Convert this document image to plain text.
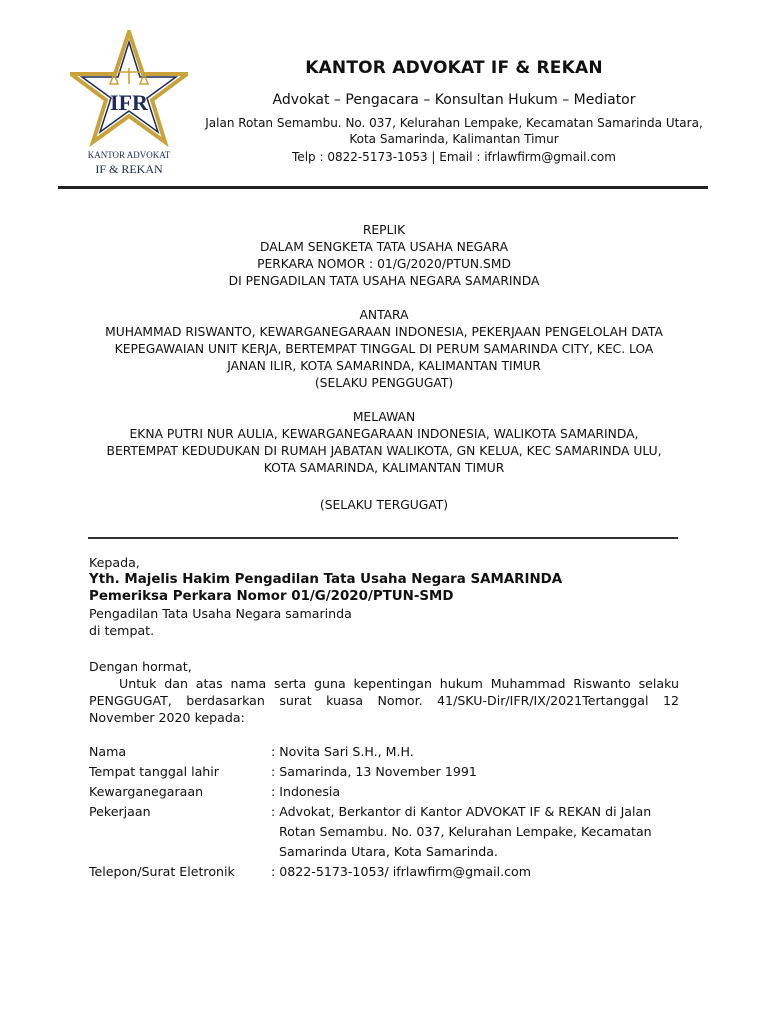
IFR
KANTOR ADVOKAT
IF & REKAN
KANTOR ADVOKAT IF & REKAN
Advokat – Pengacara – Konsultan Hukum – Mediator
Jalan Rotan Semambu. No. 037, Kelurahan Lempake, Kecamatan Samarinda Utara,
Kota Samarinda, Kalimantan Timur
Telp : 0822-5173-1053 | Email : ifrlawfirm@gmail.com
REPLIK
DALAM SENGKETA TATA USAHA NEGARA
PERKARA NOMOR : 01/G/2020/PTUN.SMD
DI PENGADILAN TATA USAHA NEGARA SAMARINDA
ANTARA
MUHAMMAD RISWANTO, KEWARGANEGARAAN INDONESIA, PEKERJAAN PENGELOLAH DATA
KEPEGAWAIAN UNIT KERJA, BERTEMPAT TINGGAL DI PERUM SAMARINDA CITY, KEC. LOA
JANAN ILIR, KOTA SAMARINDA, KALIMANTAN TIMUR
(SELAKU PENGGUGAT)
MELAWAN
EKNA PUTRI NUR AULIA, KEWARGANEGARAAN INDONESIA, WALIKOTA SAMARINDA,
BERTEMPAT KEDUDUKAN DI RUMAH JABATAN WALIKOTA, GN KELUA, KEC SAMARINDA ULU,
KOTA SAMARINDA, KALIMANTAN TIMUR
(SELAKU TERGUGAT)
Kepada,
Yth. Majelis Hakim Pengadilan Tata Usaha Negara SAMARINDA
Pemeriksa Perkara Nomor 01/G/2020/PTUN-SMD
Pengadilan Tata Usaha Negara samarinda
di tempat.
Dengan hormat,
Untuk dan atas nama serta guna kepentingan hukum Muhammad Riswanto selaku
PENGGUGAT, berdasarkan surat kuasa Nomor. 41/SKU-Dir/IFR/IX/2021Tertanggal 12
November 2020 kepada:
Nama	: Novita Sari S.H., M.H.
Tempat tanggal lahir	: Samarinda, 13 November 1991
Kewarganegaraan	: Indonesia
Pekerjaan	: Advokat, Berkantor di Kantor ADVOKAT IF & REKAN di Jalan
Rotan Semambu. No. 037, Kelurahan Lempake, Kecamatan
Samarinda Utara, Kota Samarinda.
Telepon/Surat Eletronik	: 0822-5173-1053/ ifrlawfirm@gmail.com
